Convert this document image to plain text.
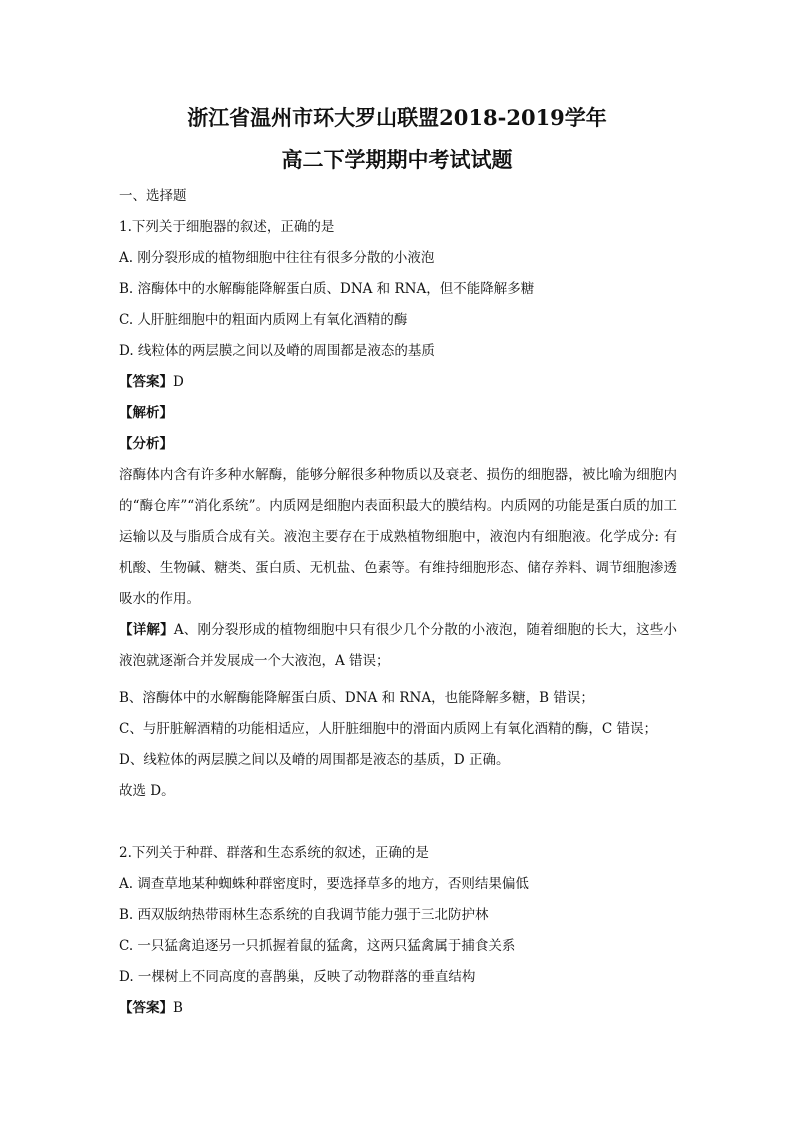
浙江省温州市环大罗山联盟2018-2019学年
高二下学期期中考试试题
一、选择题
1.下列关于细胞器的叙述，正确的是
A. 刚分裂形成的植物细胞中往往有很多分散的小液泡
B. 溶酶体中的水解酶能降解蛋白质、DNA 和 RNA，但不能降解多糖
C. 人肝脏细胞中的粗面内质网上有氧化酒精的酶
D. 线粒体的两层膜之间以及嵴的周围都是液态的基质
【答案】D
【解析】
【分析】
溶酶体内含有许多种水解酶，能够分解很多种物质以及衰老、损伤的细胞器，被比喻为细胞内的“酶仓库”“消化系统”。内质网是细胞内表面积最大的膜结构。内质网的功能是蛋白质的加工运输以及与脂质合成有关。液泡主要存在于成熟植物细胞中，液泡内有细胞液。化学成分: 有机酸、生物碱、糖类、蛋白质、无机盐、色素等。有维持细胞形态、储存养料、调节细胞渗透吸水的作用。
【详解】A、刚分裂形成的植物细胞中只有很少几个分散的小液泡，随着细胞的长大，这些小液泡就逐渐合并发展成一个大液泡，A 错误；
B、溶酶体中的水解酶能降解蛋白质、DNA 和 RNA，也能降解多糖，B 错误；
C、与肝脏解酒精的功能相适应，人肝脏细胞中的滑面内质网上有氧化酒精的酶，C 错误；
D、线粒体的两层膜之间以及嵴的周围都是液态的基质，D 正确。
故选 D。
2.下列关于种群、群落和生态系统的叙述，正确的是
A. 调查草地某种蜘蛛种群密度时，要选择草多的地方，否则结果偏低
B. 西双版纳热带雨林生态系统的自我调节能力强于三北防护林
C. 一只猛禽追逐另一只抓握着鼠的猛禽，这两只猛禽属于捕食关系
D. 一棵树上不同高度的喜鹊巢，反映了动物群落的垂直结构
【答案】B
